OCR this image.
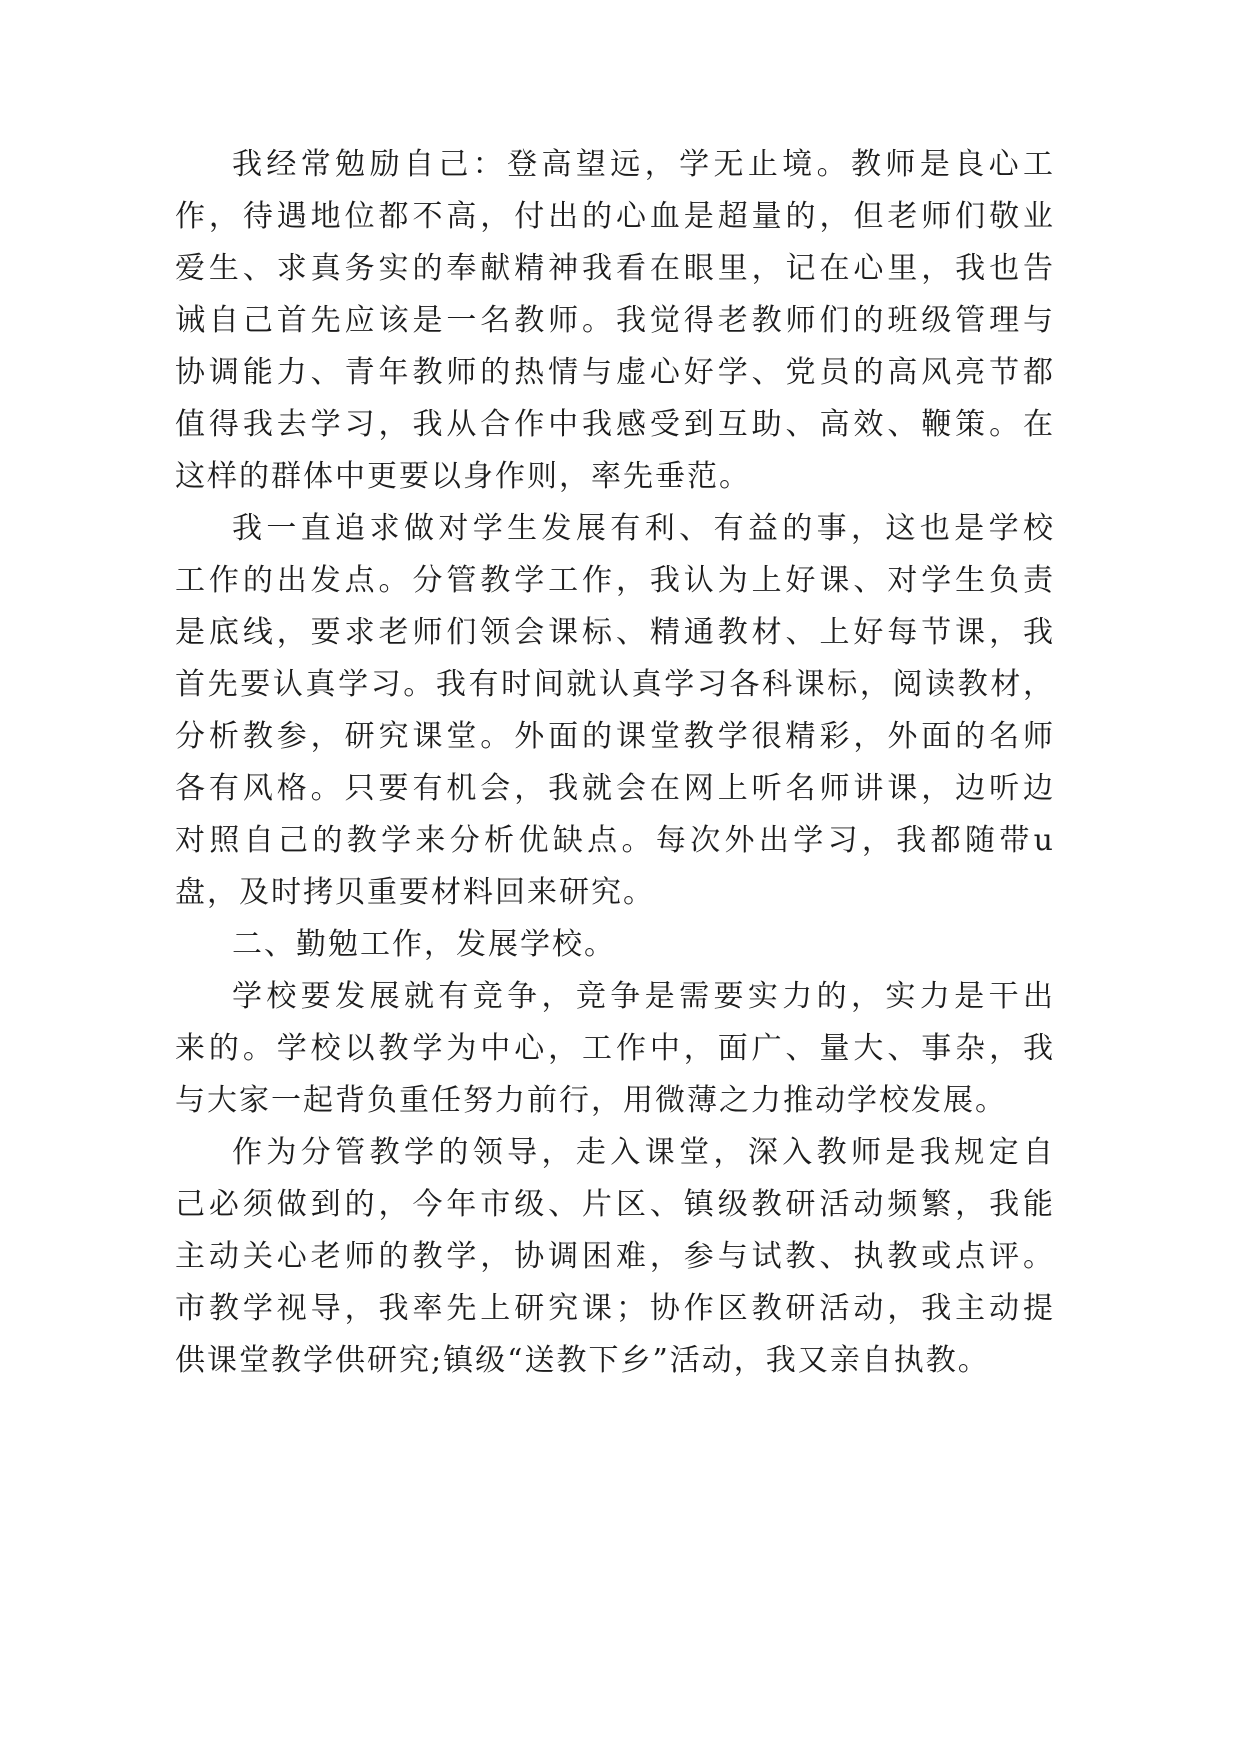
我经常勉励自己：登高望远，学无止境。教师是良心工
作，待遇地位都不高，付出的心血是超量的，但老师们敬业
爱生、求真务实的奉献精神我看在眼里，记在心里，我也告
诫自己首先应该是一名教师。我觉得老教师们的班级管理与
协调能力、青年教师的热情与虚心好学、党员的高风亮节都
值得我去学习，我从合作中我感受到互助、高效、鞭策。在
这样的群体中更要以身作则，率先垂范。
我一直追求做对学生发展有利、有益的事，这也是学校
工作的出发点。分管教学工作，我认为上好课、对学生负责
是底线，要求老师们领会课标、精通教材、上好每节课，我
首先要认真学习。我有时间就认真学习各科课标，阅读教材，
分析教参，研究课堂。外面的课堂教学很精彩，外面的名师
各有风格。只要有机会，我就会在网上听名师讲课，边听边
对照自己的教学来分析优缺点。每次外出学习，我都随带u
盘，及时拷贝重要材料回来研究。
二、勤勉工作，发展学校。
学校要发展就有竞争，竞争是需要实力的，实力是干出
来的。学校以教学为中心，工作中，面广、量大、事杂，我
与大家一起背负重任努力前行，用微薄之力推动学校发展。
作为分管教学的领导，走入课堂，深入教师是我规定自
己必须做到的，今年市级、片区、镇级教研活动频繁，我能
主动关心老师的教学，协调困难，参与试教、执教或点评。
市教学视导，我率先上研究课；协作区教研活动，我主动提
供课堂教学供研究;镇级“送教下乡”活动，我又亲自执教。
